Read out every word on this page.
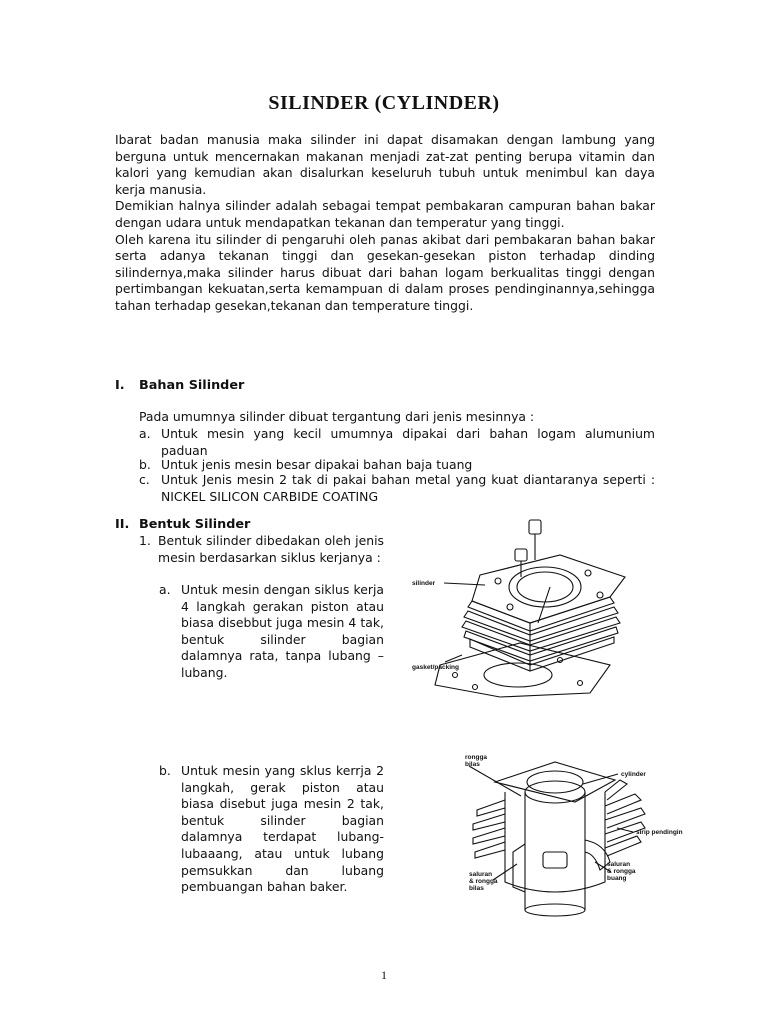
SILINDER (CYLINDER)

Ibarat badan manusia maka silinder ini dapat disamakan dengan lambung yang berguna untuk mencernakan makanan menjadi zat-zat penting berupa vitamin dan kalori yang kemudian akan disalurkan keseluruh tubuh untuk menimbul kan daya kerja manusia.

Demikian halnya silinder adalah sebagai tempat pembakaran campuran bahan bakar dengan udara untuk mendapatkan tekanan dan temperatur yang tinggi.

Oleh karena itu silinder di pengaruhi oleh panas akibat dari pembakaran bahan bakar serta adanya tekanan tinggi dan gesekan-gesekan piston terhadap dinding silindernya,maka silinder harus dibuat dari bahan logam berkualitas tinggi dengan pertimbangan kekuatan,serta kemampuan di dalam proses pendinginannya,sehingga tahan terhadap gesekan,tekanan dan temperature tinggi.

I. Bahan Silinder
Pada umumnya silinder dibuat tergantung dari jenis mesinnya :
a. Untuk mesin yang kecil umumnya dipakai dari bahan logam alumunium paduan
b. Untuk jenis mesin besar dipakai bahan baja tuang
c. Untuk Jenis mesin 2 tak di pakai bahan metal yang kuat diantaranya seperti : NICKEL SILICON CARBIDE COATING
II. Bentuk Silinder
1. Bentuk silinder dibedakan oleh jenis mesin berdasarkan siklus kerjanya :
a. Untuk mesin dengan siklus kerja 4 langkah gerakan piston atau biasa disebbut juga mesin 4 tak, bentuk silinder bagian dalamnya rata, tanpa lubang – lubang.
b. Untuk mesin yang sklus kerrja 2 langkah, gerak piston atau biasa disebut juga mesin 2 tak, bentuk silinder bagian dalamnya terdapat lubang-lubaaang, atau untuk lubang pemsukkan dan lubang pembuangan bahan baker.
silinder
gasket/packing
rongga
bilas
cylinder
sirip pendingin
saluran
& rongga
bilas
saluran
& rongga
buang
1
